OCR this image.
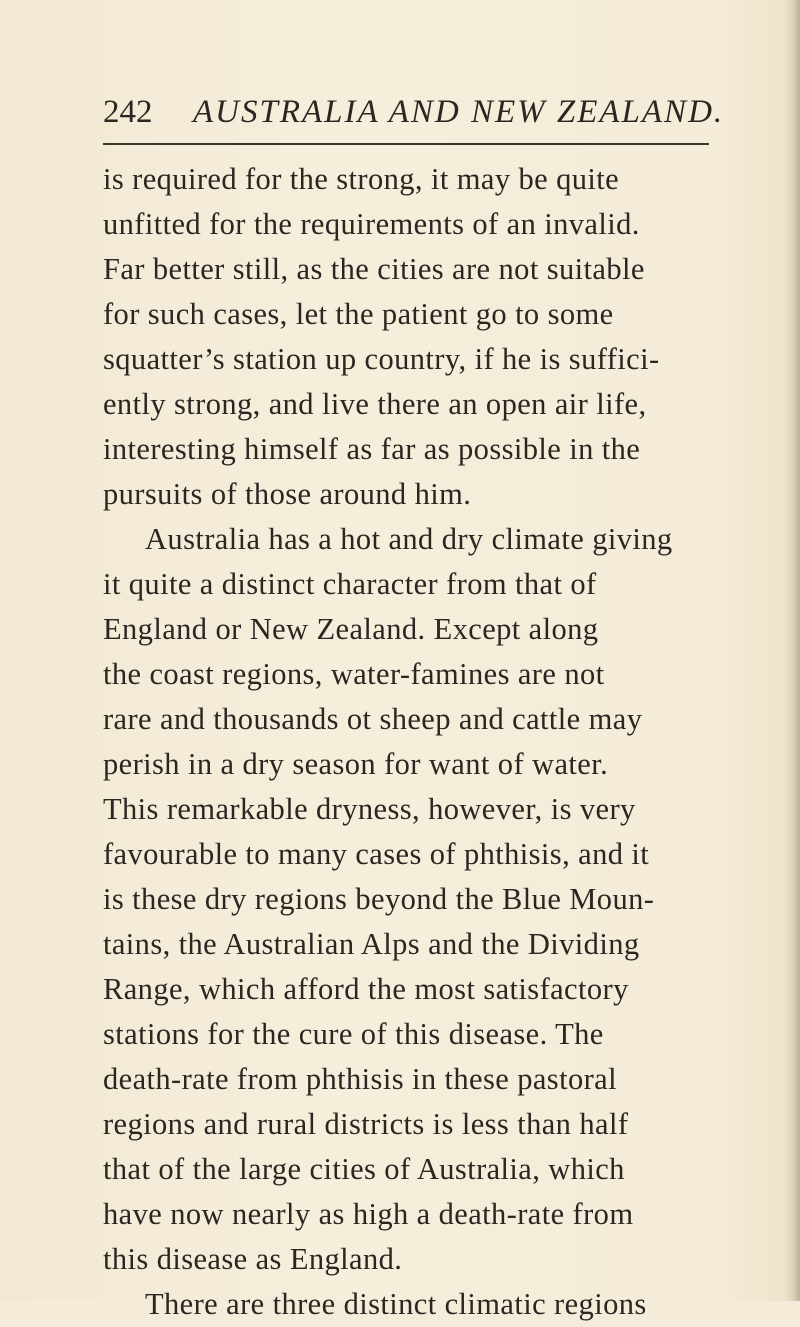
242 AUSTRALIA AND NEW ZEALAND.
is required for the strong, it may be quite
unfitted for the requirements of an invalid.
Far better still, as the cities are not suitable
for such cases, let the patient go to some
squatter’s station up country, if he is suffici-
ently strong, and live there an open air life,
interesting himself as far as possible in the
pursuits of those around him.
Australia has a hot and dry climate giving
it quite a distinct character from that of
England or New Zealand. Except along
the coast regions, water-famines are not
rare and thousands ot sheep and cattle may
perish in a dry season for want of water.
This remarkable dryness, however, is very
favourable to many cases of phthisis, and it
is these dry regions beyond the Blue Moun-
tains, the Australian Alps and the Dividing
Range, which afford the most satisfactory
stations for the cure of this disease. The
death-rate from phthisis in these pastoral
regions and rural districts is less than half
that of the large cities of Australia, which
have now nearly as high a death-rate from
this disease as England.
There are three distinct climatic regions
